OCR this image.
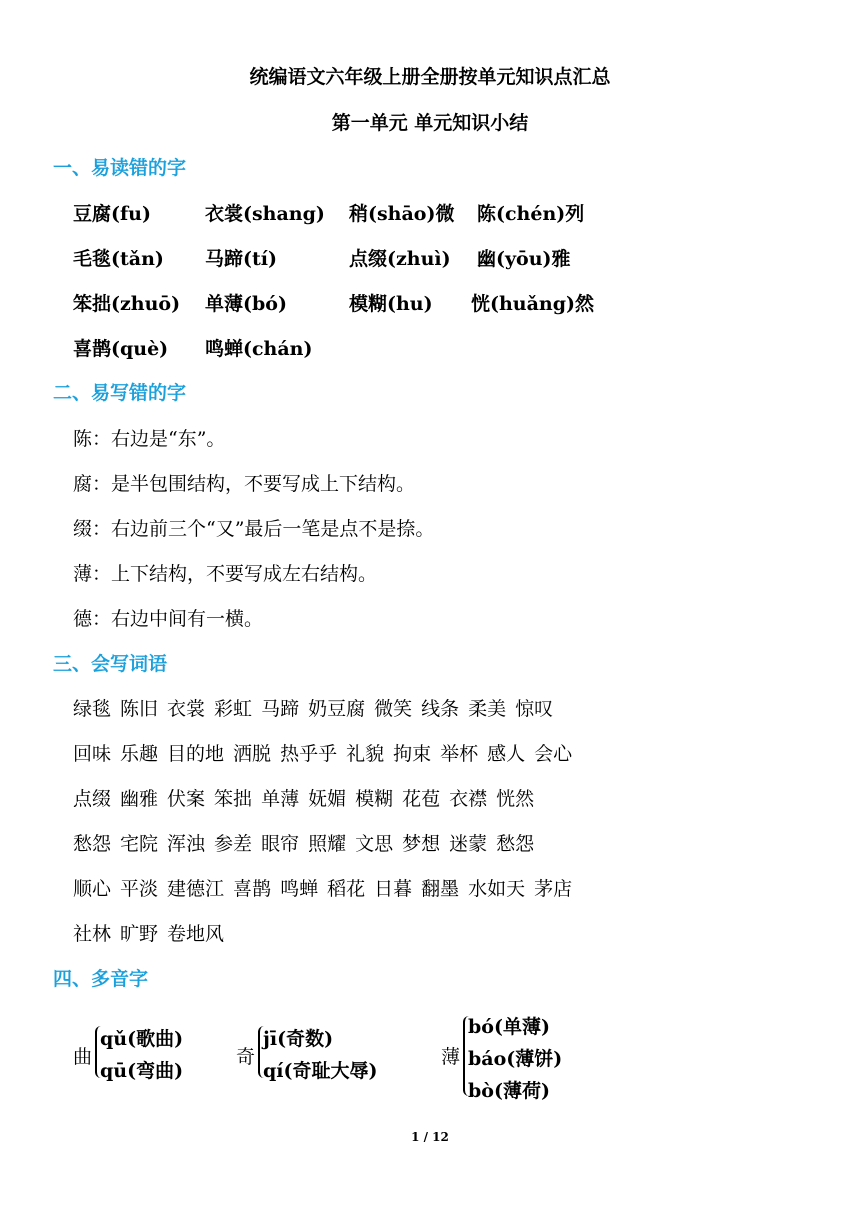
统编语文六年级上册全册按单元知识点汇总
第一单元 单元知识小结
一、易读错的字
豆腐(fu)	衣裳(shang) 稍(shāo)微 陈(chén)列
毛毯(tǎn) 马蹄(tí)	点缀(zhuì) 幽(yōu)雅
笨拙(zhuō) 单薄(bó)	模糊(hu) 恍(huǎng)然
喜鹊(què) 鸣蝉(chán)
二、易写错的字
陈：右边是“东”。
腐：是半包围结构，不要写成上下结构。
缀：右边前三个“又”最后一笔是点不是捺。
薄：上下结构，不要写成左右结构。
德：右边中间有一横。
三、会写词语
绿毯 陈旧 衣裳 彩虹 马蹄 奶豆腐 微笑 线条 柔美 惊叹
回味 乐趣 目的地 洒脱 热乎乎 礼貌 拘束 举杯 感人 会心
点缀 幽雅 伏案 笨拙 单薄 妩媚 模糊 花苞 衣襟 恍然
愁怨 宅院 浑浊 参差 眼帘 照耀 文思 梦想 迷蒙 愁怨
顺心 平淡 建德江 喜鹊 鸣蝉 稻花 日暮 翻墨 水如天 茅店
社林 旷野 卷地风
四、多音字
曲
qǔ(歌曲)
qū(弯曲)
奇
jī(奇数)
qí(奇耻大辱)
薄
bó(单薄)
báo(薄饼)
bò(薄荷)
1 / 12
